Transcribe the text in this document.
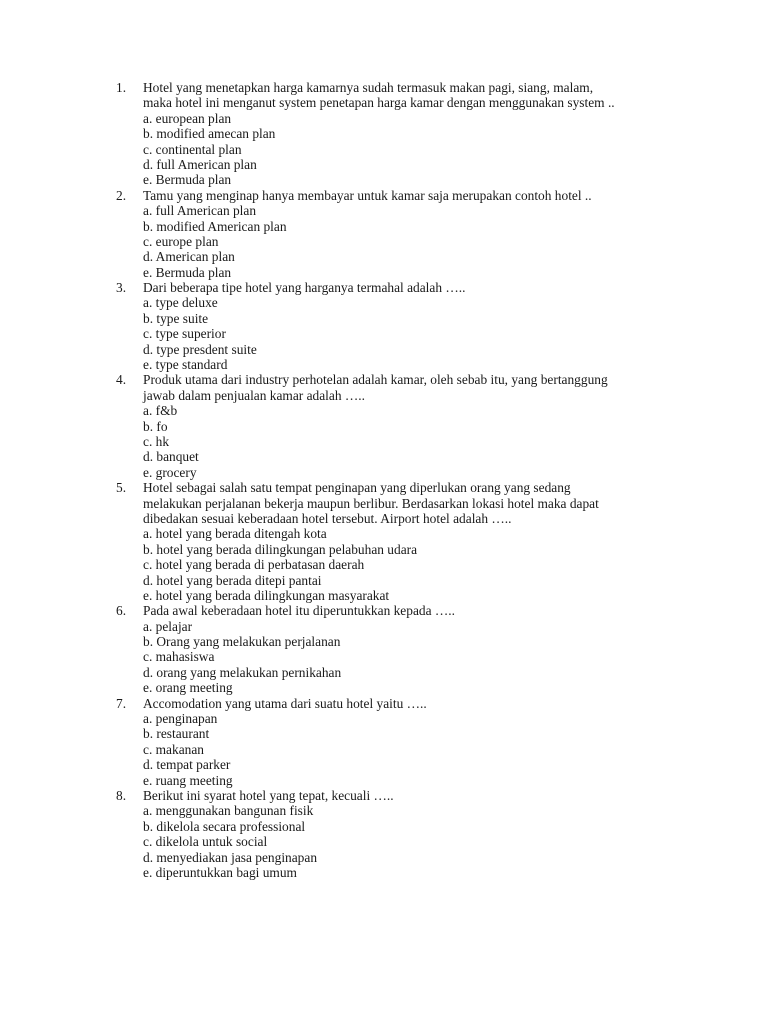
1. Hotel yang menetapkan harga kamarnya sudah termasuk makan pagi, siang, malam,
maka hotel ini menganut system penetapan harga kamar dengan menggunakan system ..
a. european plan
b. modified amecan plan
c. continental plan
d. full American plan
e. Bermuda plan
2. Tamu yang menginap hanya membayar untuk kamar saja merupakan contoh hotel ..
a. full American plan
b. modified American plan
c. europe plan
d. American plan
e. Bermuda plan
3. Dari beberapa tipe hotel yang harganya termahal adalah …..
a. type deluxe
b. type suite
c. type superior
d. type presdent suite
e. type standard
4. Produk utama dari industry perhotelan adalah kamar, oleh sebab itu, yang bertanggung
jawab dalam penjualan kamar adalah …..
a. f&b
b. fo
c. hk
d. banquet
e. grocery
5. Hotel sebagai salah satu tempat penginapan yang diperlukan orang yang sedang
melakukan perjalanan bekerja maupun berlibur. Berdasarkan lokasi hotel maka dapat
dibedakan sesuai keberadaan hotel tersebut. Airport hotel adalah …..
a. hotel yang berada ditengah kota
b. hotel yang berada dilingkungan pelabuhan udara
c. hotel yang berada di perbatasan daerah
d. hotel yang berada ditepi pantai
e. hotel yang berada dilingkungan masyarakat
6. Pada awal keberadaan hotel itu diperuntukkan kepada …..
a. pelajar
b. Orang yang melakukan perjalanan
c. mahasiswa
d. orang yang melakukan pernikahan
e. orang meeting
7. Accomodation yang utama dari suatu hotel yaitu …..
a. penginapan
b. restaurant
c. makanan
d. tempat parker
e. ruang meeting
8. Berikut ini syarat hotel yang tepat, kecuali …..
a. menggunakan bangunan fisik
b. dikelola secara professional
c. dikelola untuk social
d. menyediakan jasa penginapan
e. diperuntukkan bagi umum
